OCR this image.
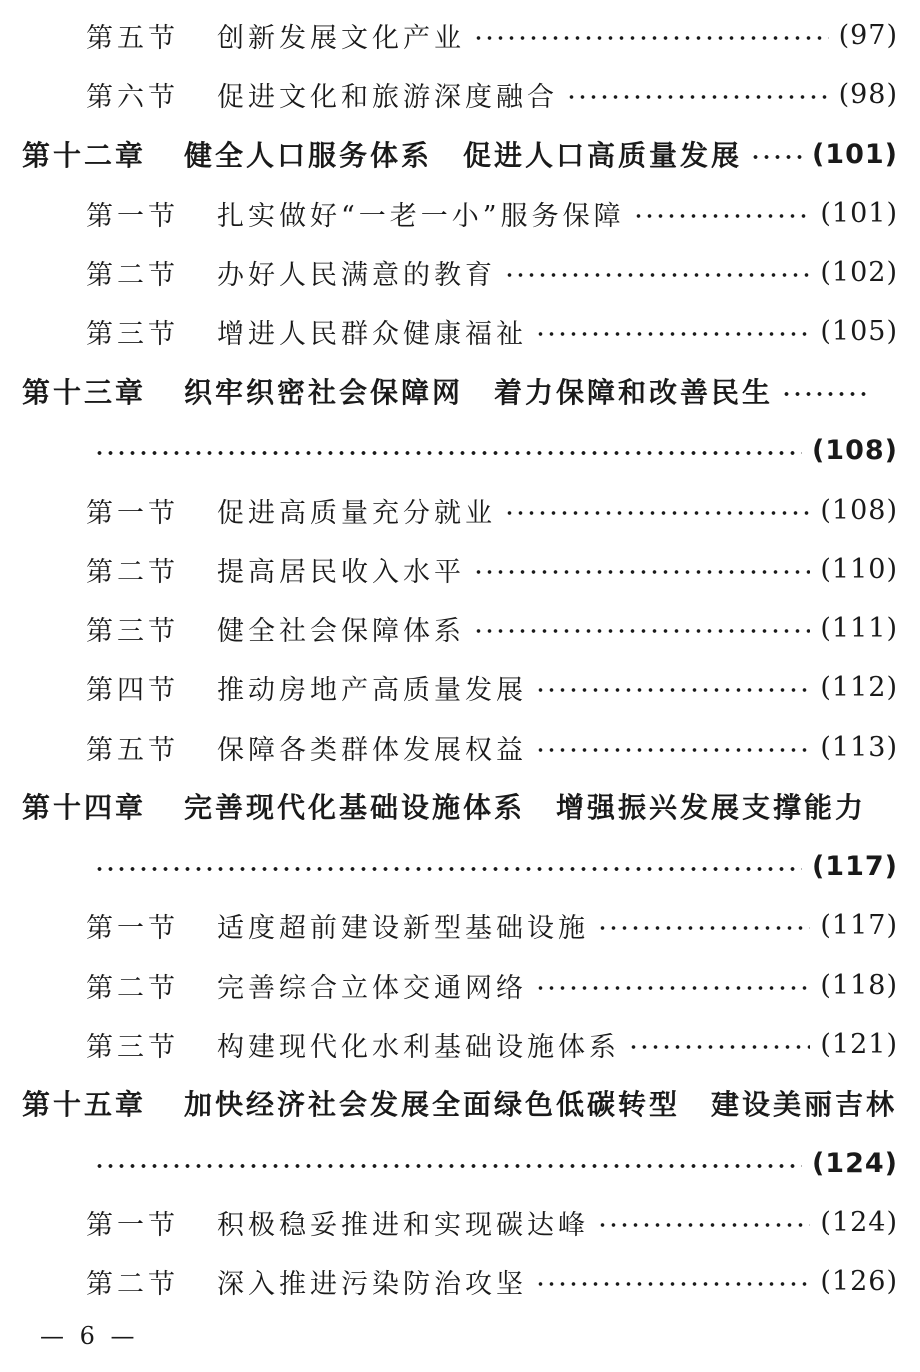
第五节 创新发展文化产业	(97)
第六节 促进文化和旅游深度融合	(98)
第十二章 健全人口服务体系　促进人口高质量发展	(101)
第一节 扎实做好“一老一小”服务保障	(101)
第二节 办好人民满意的教育	(102)
第三节 增进人民群众健康福祉	(105)
第十三章 织牢织密社会保障网　着力保障和改善民生
(108)
第一节 促进高质量充分就业	(108)
第二节 提高居民收入水平	(110)
第三节 健全社会保障体系	(111)
第四节 推动房地产高质量发展	(112)
第五节 保障各类群体发展权益	(113)
第十四章 完善现代化基础设施体系　增强振兴发展支撑能力
(117)
第一节 适度超前建设新型基础设施	(117)
第二节 完善综合立体交通网络	(118)
第三节 构建现代化水利基础设施体系	(121)
第十五章 加快经济社会发展全面绿色低碳转型　建设美丽吉林
(124)
第一节 积极稳妥推进和实现碳达峰	(124)
第二节 深入推进污染防治攻坚	(126)
— 6 —
